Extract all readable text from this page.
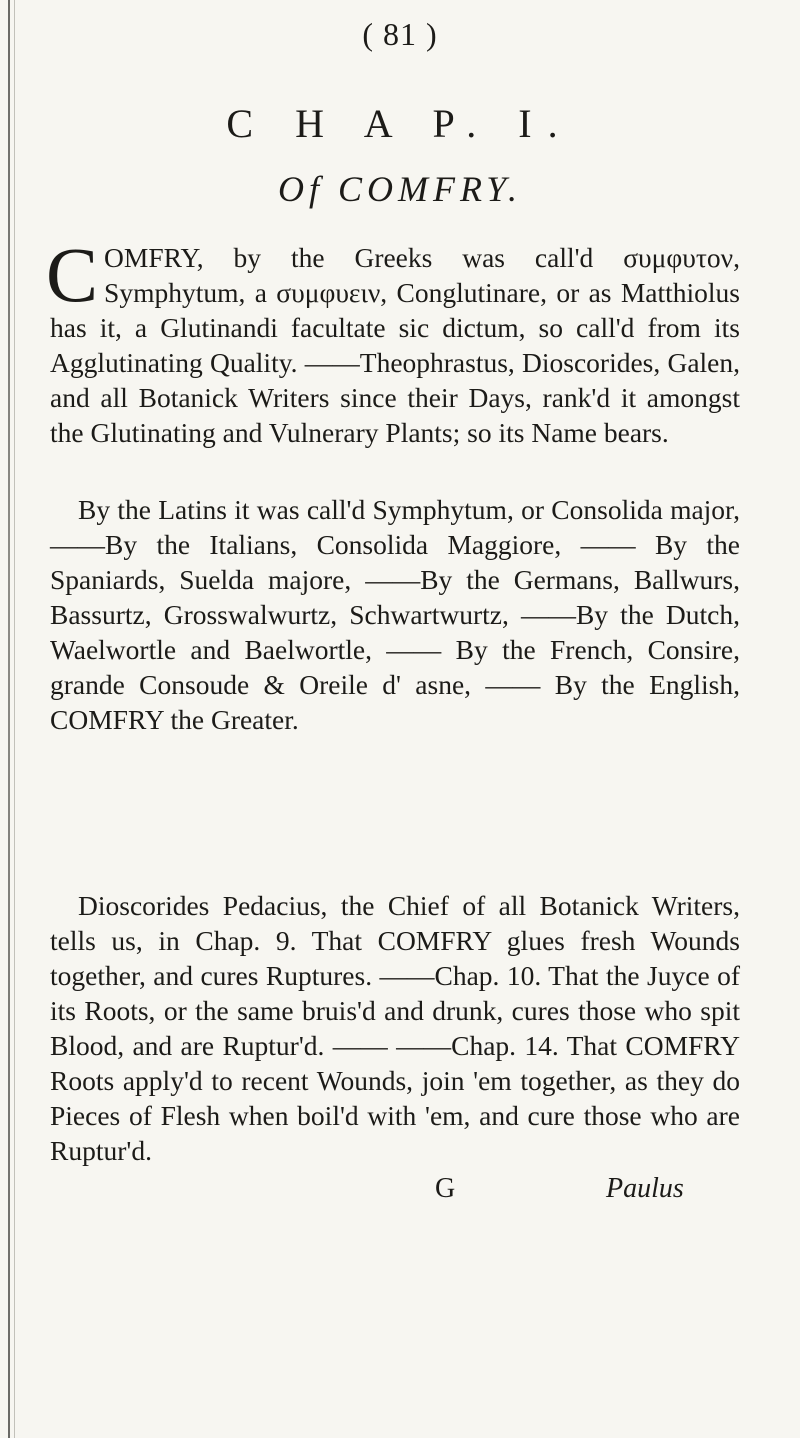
( 81 )
C H A P. I.
Of COMFRY.

COMFRY, by the Greeks was call'd συμφυτον, Symphytum, a συμφυειν, Conglutinare, or as Matthiolus has it, a Glutinandi facultate sic dictum, so call'd from its Agglutinating Quality. ——Theophrastus, Dioscorides, Galen, and all Botanick Writers since their Days, rank'd it amongst the Glutinating and Vulnerary Plants; so its Name bears.

By the Latins it was call'd Symphytum, or Consolida major, ——By the Italians, Consolida Maggiore, —— By the Spaniards, Suelda majore, ——By the Germans, Ballwurs, Bassurtz, Grosswalwurtz, Schwartwurtz, ——By the Dutch, Waelwortle and Baelwortle, —— By the French, Consire, grande Consoude & Oreile d' asne, —— By the English, COMFRY the Greater.

Dioscorides Pedacius, the Chief of all Botanick Writers, tells us, in Chap. 9. That COMFRY glues fresh Wounds together, and cures Ruptures. ——Chap. 10. That the Juyce of its Roots, or the same bruis'd and drunk, cures those who spit Blood, and are Ruptur'd. —— ——Chap. 14. That COMFRY Roots apply'd to recent Wounds, join 'em together, as they do Pieces of Flesh when boil'd with 'em, and cure those who are Ruptur'd.

G	Paulus
